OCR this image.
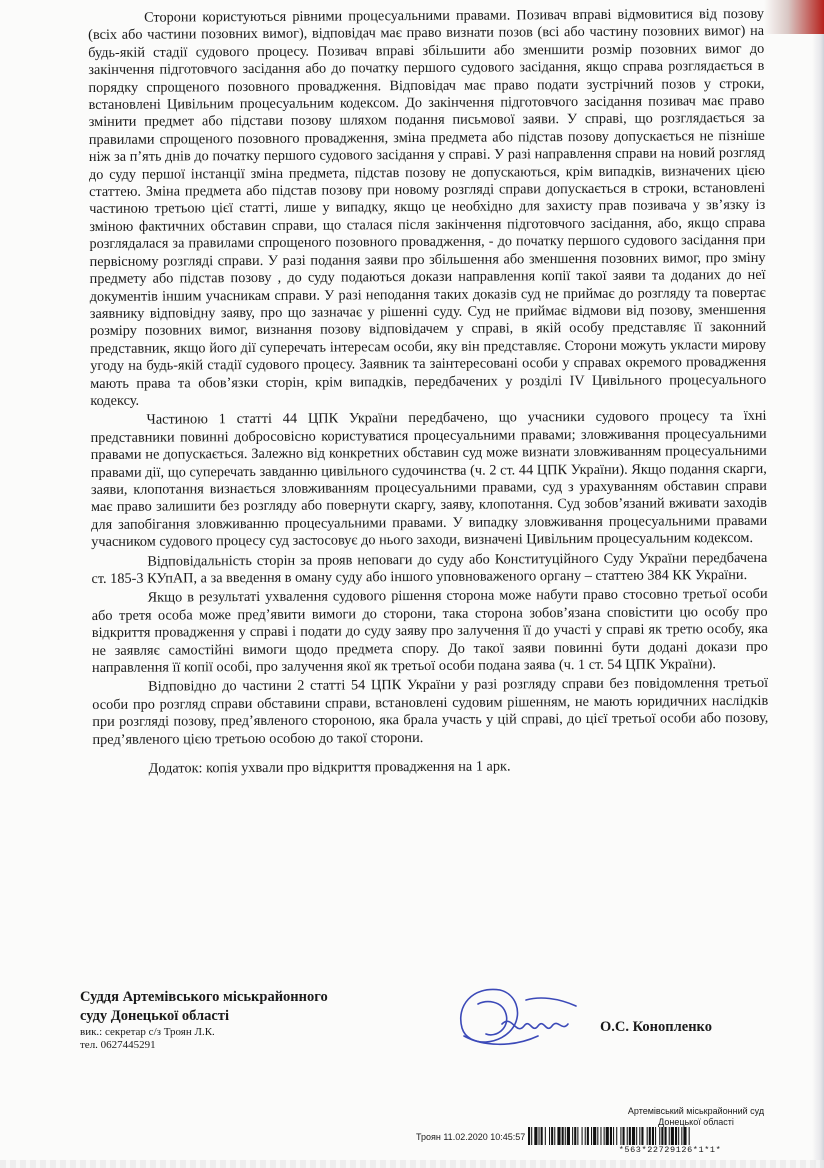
Сторони користуються рівними процесуальними правами. Позивач вправі відмовитися від позову (всіх або частини позовних вимог), відповідач має право визнати позов (всі або частину позовних вимог) на будь-якій стадії судового процесу. Позивач вправі збільшити або зменшити розмір позовних вимог до закінчення підготовчого засідання або до початку першого судового засідання, якщо справа розглядається в порядку спрощеного позовного провадження. Відповідач має право подати зустрічний позов у строки, встановлені Цивільним процесуальним кодексом. До закінчення підготовчого засідання позивач має право змінити предмет або підстави позову шляхом подання письмової заяви. У справі, що розглядається за правилами спрощеного позовного провадження, зміна предмета або підстав позову допускається не пізніше ніж за п’ять днів до початку першого судового засідання у справі. У разі направлення справи на новий розгляд до суду першої інстанції зміна предмета, підстав позову не допускаються, крім випадків, визначених цією статтею. Зміна предмета або підстав позову при новому розгляді справи допускається в строки, встановлені частиною третьою цієї статті, лише у випадку, якщо це необхідно для захисту прав позивача у зв’язку із зміною фактичних обставин справи, що сталася після закінчення підготовчого засідання, або, якщо справа розглядалася за правилами спрощеного позовного провадження, - до початку першого судового засідання при первісному розгляді справи. У разі подання заяви про збільшення або зменшення позовних вимог, про зміну предмету або підстав позову , до суду подаються докази направлення копії такої заяви та доданих до неї документів іншим учасникам справи. У разі неподання таких доказів суд не приймає до розгляду та повертає заявнику відповідну заяву, про що зазначає у рішенні суду. Суд не приймає відмови від позову, зменшення розміру позовних вимог, визнання позову відповідачем у справі, в якій особу представляє її законний представник, якщо його дії суперечать інтересам особи, яку він представляє. Сторони можуть укласти мирову угоду на будь-якій стадії судового процесу. Заявник та заінтересовані особи у справах окремого провадження мають права та обов’язки сторін, крім випадків, передбачених у розділі IV Цивільного процесуального кодексу.

Частиною 1 статті 44 ЦПК України передбачено, що учасники судового процесу та їхні представники повинні добросовісно користуватися процесуальними правами; зловживання процесуальними правами не допускається. Залежно від конкретних обставин суд може визнати зловживанням процесуальними правами дії, що суперечать завданню цивільного судочинства (ч. 2 ст. 44 ЦПК України). Якщо подання скарги, заяви, клопотання визнається зловживанням процесуальними правами, суд з урахуванням обставин справи має право залишити без розгляду або повернути скаргу, заяву, клопотання. Суд зобов’язаний вживати заходів для запобігання зловживанню процесуальними правами. У випадку зловживання процесуальними правами учасником судового процесу суд застосовує до нього заходи, визначені Цивільним процесуальним кодексом.

Відповідальність сторін за прояв неповаги до суду або Конституційного Суду України передбачена ст. 185-3 КУпАП, а за введення в оману суду або іншого уповноваженого органу – статтею 384 КК України.

Якщо в результаті ухвалення судового рішення сторона може набути право стосовно третьої особи або третя особа може пред’явити вимоги до сторони, така сторона зобов’язана сповістити цю особу про відкриття провадження у справі і подати до суду заяву про залучення її до участі у справі як третю особу, яка не заявляє самостійні вимоги щодо предмета спору. До такої заяви повинні бути додані докази про направлення її копії особі, про залучення якої як третьої особи подана заява (ч. 1 ст. 54 ЦПК України).

Відповідно до частини 2 статті 54 ЦПК України у разі розгляду справи без повідомлення третьої особи про розгляд справи обставини справи, встановлені судовим рішенням, не мають юридичних наслідків при розгляді позову, пред’явленого стороною, яка брала участь у цій справі, до цієї третьої особи або позову, пред’явленого цією третьою особою до такої сторони.

Додаток: копія ухвали про відкриття провадження на 1 арк.

Суддя Артемівського міськрайонного

суду Донецької області

вик.: секретар с/з Троян Л.К.

тел. 0627445291

О.С. Конопленко
Артемівський міськрайонний суд
Донецької області
Троян 11.02.2020 10:45:57
*563*22729126*1*1*
